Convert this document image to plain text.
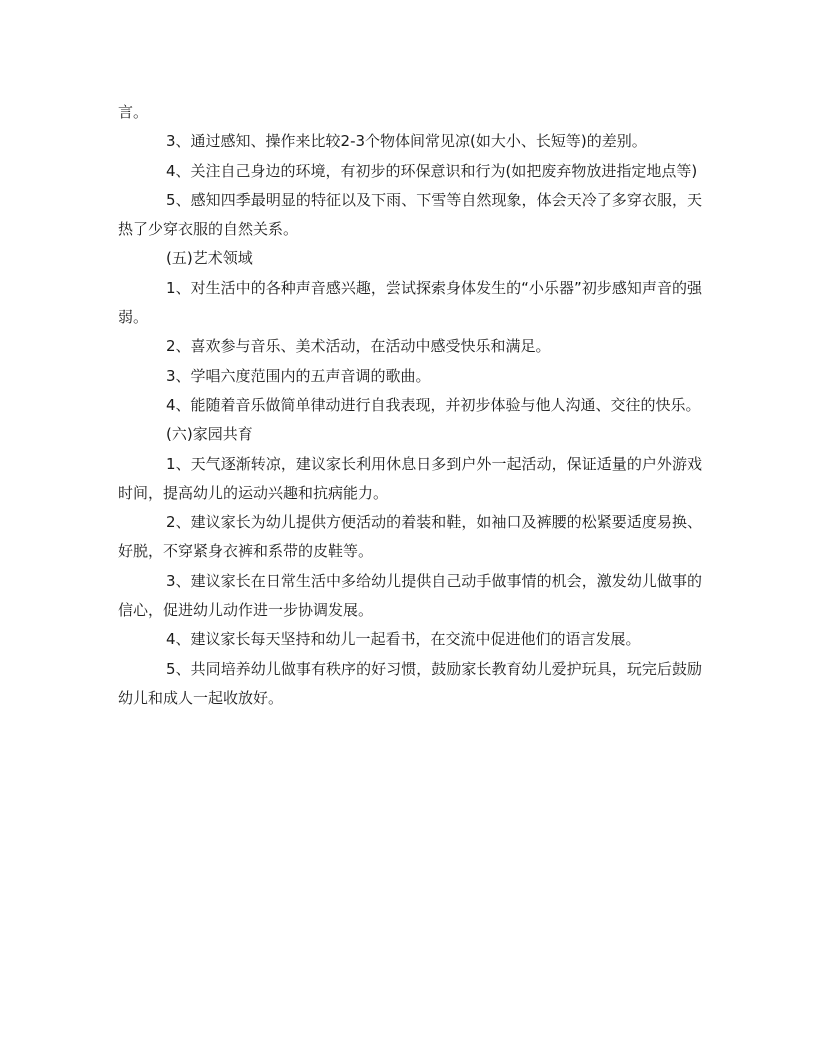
言。

3、通过感知、操作来比较2-3个物体间常见凉(如大小、长短等)的差别。

4、关注自己身边的环境，有初步的环保意识和行为(如把废弃物放进指定地点等)

5、感知四季最明显的特征以及下雨、下雪等自然现象，体会天冷了多穿衣服，天热了少穿衣服的自然关系。

(五)艺术领域

1、对生活中的各种声音感兴趣，尝试探索身体发生的“小乐器”初步感知声音的强弱。

2、喜欢参与音乐、美术活动，在活动中感受快乐和满足。

3、学唱六度范围内的五声音调的歌曲。

4、能随着音乐做简单律动进行自我表现，并初步体验与他人沟通、交往的快乐。

(六)家园共育

1、天气逐渐转凉，建议家长利用休息日多到户外一起活动，保证适量的户外游戏时间，提高幼儿的运动兴趣和抗病能力。

2、建议家长为幼儿提供方便活动的着装和鞋，如袖口及裤腰的松紧要适度易换、好脱，不穿紧身衣裤和系带的皮鞋等。

3、建议家长在日常生活中多给幼儿提供自己动手做事情的机会，激发幼儿做事的信心，促进幼儿动作进一步协调发展。

4、建议家长每天坚持和幼儿一起看书，在交流中促进他们的语言发展。

5、共同培养幼儿做事有秩序的好习惯，鼓励家长教育幼儿爱护玩具，玩完后鼓励幼儿和成人一起收放好。
